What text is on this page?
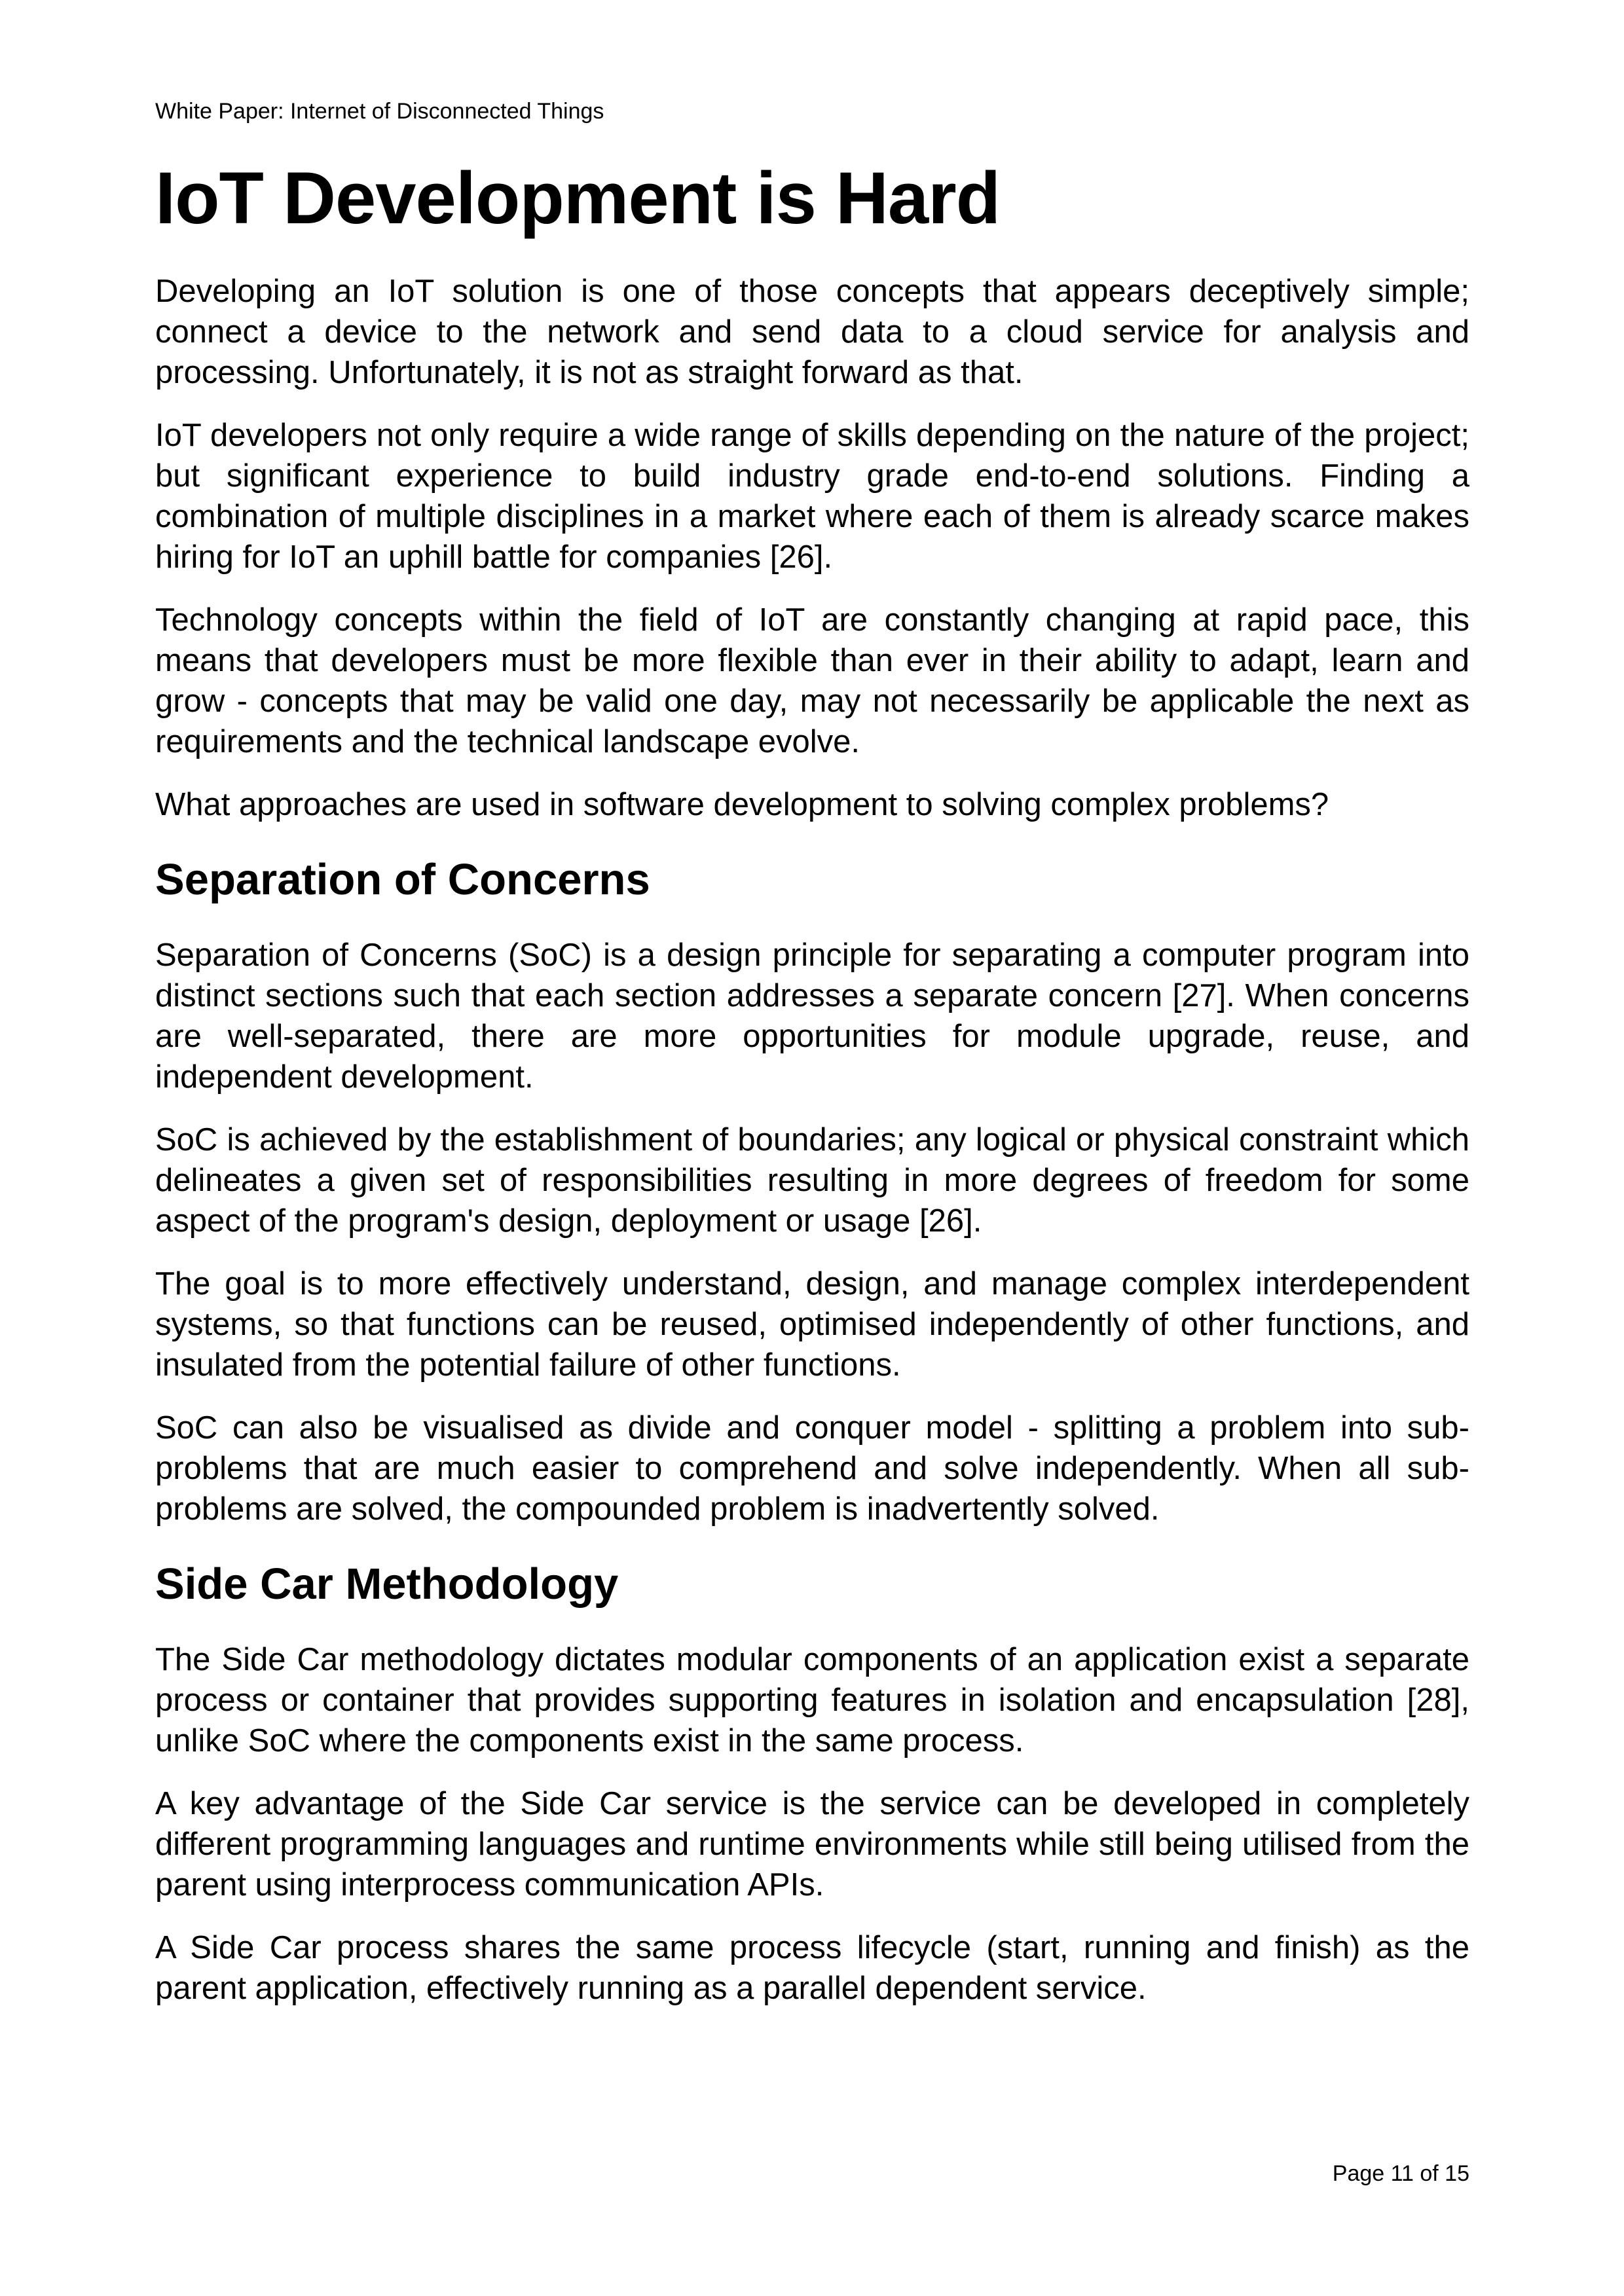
White Paper: Internet of Disconnected Things
IoT Development is Hard

Developing an IoT solution is one of those concepts that appears deceptively simple; connect a device to the network and send data to a cloud service for analysis and processing. Unfortunately, it is not as straight forward as that.

IoT developers not only require a wide range of skills depending on the nature of the project; but significant experience to build industry grade end-to-end solutions. Finding a combination of multiple disciplines in a market where each of them is already scarce makes hiring for IoT an uphill battle for companies [26].

Technology concepts within the field of IoT are constantly changing at rapid pace, this means that developers must be more flexible than ever in their ability to adapt, learn and grow - concepts that may be valid one day, may not necessarily be applicable the next as requirements and the technical landscape evolve.

What approaches are used in software development to solving complex problems?

Separation of Concerns

Separation of Concerns (SoC) is a design principle for separating a computer program into distinct sections such that each section addresses a separate concern [27]. When concerns are well-separated, there are more opportunities for module upgrade, reuse, and independent development.

SoC is achieved by the establishment of boundaries; any logical or physical constraint which delineates a given set of responsibilities resulting in more degrees of freedom for some aspect of the program's design, deployment or usage [26].

The goal is to more effectively understand, design, and manage complex interdependent systems, so that functions can be reused, optimised independently of other functions, and insulated from the potential failure of other functions.

SoC can also be visualised as divide and conquer model - splitting a problem into sub-problems that are much easier to comprehend and solve independently. When all sub-problems are solved, the compounded problem is inadvertently solved.

Side Car Methodology

The Side Car methodology dictates modular components of an application exist a separate process or container that provides supporting features in isolation and encapsulation [28], unlike SoC where the components exist in the same process.

A key advantage of the Side Car service is the service can be developed in completely different programming languages and runtime environments while still being utilised from the parent using interprocess communication APIs.

A Side Car process shares the same process lifecycle (start, running and finish) as the parent application, effectively running as a parallel dependent service.

Page 11 of 15
